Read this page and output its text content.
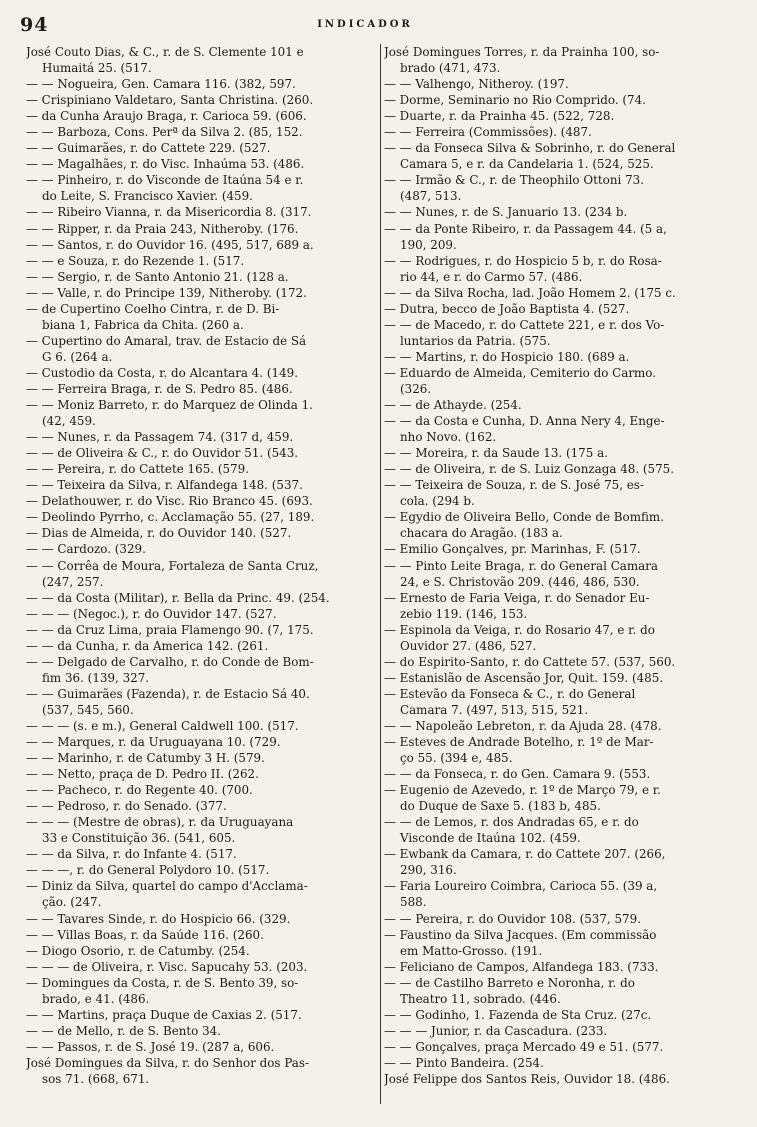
94	INDICADOR
José Couto Dias, & C., r. de S. Clemente 101 e
Humaitá 25. (517.
— — Nogueira, Gen. Camara 116. (382, 597.
— Crispiniano Valdetaro, Santa Christina. (260.
— da Cunha Araujo Braga, r. Carioca 59. (606.
— — Barboza, Cons. Perª da Silva 2. (85, 152.
— — Guimarães, r. do Cattete 229. (527.
— — Magalhães, r. do Visc. Inhaúma 53. (486.
— — Pinheiro, r. do Visconde de Itaúna 54 e r.
do Leite, S. Francisco Xavier. (459.
— — Ribeiro Vianna, r. da Misericordia 8. (317.
— — Ripper, r. da Praia 243, Nitheroby. (176.
— — Santos, r. do Ouvidor 16. (495, 517, 689 a.
— — e Souza, r. do Rezende 1. (517.
— — Sergio, r. de Santo Antonio 21. (128 a.
— — Valle, r. do Principe 139, Nitheroby. (172.
— de Cupertino Coelho Cintra, r. de D. Bi-
biana 1, Fabrica da Chita. (260 a.
— Cupertino do Amaral, trav. de Estacio de Sá
G 6. (264 a.
— Custodio da Costa, r. do Alcantara 4. (149.
— — Ferreira Braga, r. de S. Pedro 85. (486.
— — Moniz Barreto, r. do Marquez de Olinda 1.
(42, 459.
— — Nunes, r. da Passagem 74. (317 d, 459.
— — de Oliveira & C., r. do Ouvidor 51. (543.
— — Pereira, r. do Cattete 165. (579.
— — Teixeira da Silva, r. Alfandega 148. (537.
— Delathouwer, r. do Visc. Rio Branco 45. (693.
— Deolindo Pyrrho, c. Acclamação 55. (27, 189.
— Dias de Almeida, r. do Ouvidor 140. (527.
— — Cardozo. (329.
— — Corrêa de Moura, Fortaleza de Santa Cruz,
(247, 257.
— — da Costa (Militar), r. Bella da Princ. 49. (254.
— — — (Negoc.), r. do Ouvidor 147. (527.
— — da Cruz Lima, praia Flamengo 90. (7, 175.
— — da Cunha, r. da America 142. (261.
— — Delgado de Carvalho, r. do Conde de Bom-
fim 36. (139, 327.
— — Guimarães (Fazenda), r. de Estacio Sá 40.
(537, 545, 560.
— — — (s. e m.), General Caldwell 100. (517.
— — Marques, r. da Uruguayana 10. (729.
— — Marinho, r. de Catumby 3 H. (579.
— — Netto, praça de D. Pedro II. (262.
— — Pacheco, r. do Regente 40. (700.
— — Pedroso, r. do Senado. (377.
— — — (Mestre de obras), r. da Uruguayana
33 e Constituição 36. (541, 605.
— — da Silva, r. do Infante 4. (517.
— — —, r. do General Polydoro 10. (517.
— Diniz da Silva, quartel do campo d'Acclama-
ção. (247.
— — Tavares Sinde, r. do Hospicio 66. (329.
— — Villas Boas, r. da Saúde 116. (260.
— Diogo Osorio, r. de Catumby. (254.
— — — de Oliveira, r. Visc. Sapucahy 53. (203.
— Domingues da Costa, r. de S. Bento 39, so-
brado, e 41. (486.
— — Martins, praça Duque de Caxias 2. (517.
— — de Mello, r. de S. Bento 34.
— — Passos, r. de S. José 19. (287 a, 606.
José Domingues da Silva, r. do Senhor dos Pas-
sos 71. (668, 671.
José Domingues Torres, r. da Prainha 100, so-
brado (471, 473.
— — Valhengo, Nitheroy. (197.
— Dorme, Seminario no Rio Comprido. (74.
— Duarte, r. da Prainha 45. (522, 728.
— — Ferreira (Commissões). (487.
— — da Fonseca Silva & Sobrinho, r. do General
Camara 5, e r. da Candelaria 1. (524, 525.
— — Irmão & C., r. de Theophilo Ottoni 73.
(487, 513.
— — Nunes, r. de S. Januario 13. (234 b.
— — da Ponte Ribeiro, r. da Passagem 44. (5 a,
190, 209.
— — Rodrigues, r. do Hospicio 5 b, r. do Rosa-
rio 44, e r. do Carmo 57. (486.
— — da Silva Rocha, lad. João Homem 2. (175 c.
— Dutra, becco de João Baptista 4. (527.
— — de Macedo, r. do Cattete 221, e r. dos Vo-
luntarios da Patria. (575.
— — Martins, r. do Hospicio 180. (689 a.
— Eduardo de Almeida, Cemiterio do Carmo.
(326.
— — de Athayde. (254.
— — da Costa e Cunha, D. Anna Nery 4, Enge-
nho Novo. (162.
— — Moreira, r. da Saude 13. (175 a.
— — de Oliveira, r. de S. Luiz Gonzaga 48. (575.
— — Teixeira de Souza, r. de S. José 75, es-
cola. (294 b.
— Egydio de Oliveira Bello, Conde de Bomfim.
chacara do Aragão. (183 a.
— Emilio Gonçalves, pr. Marinhas, F. (517.
— — Pinto Leite Braga, r. do General Camara
24, e S. Christovão 209. (446, 486, 530.
— Ernesto de Faria Veiga, r. do Senador Eu-
zebio 119. (146, 153.
— Espinola da Veiga, r. do Rosario 47, e r. do
Ouvidor 27. (486, 527.
— do Espirito-Santo, r. do Cattete 57. (537, 560.
— Estanislão de Ascensão Jor, Quit. 159. (485.
— Estevão da Fonseca & C., r. do General
Camara 7. (497, 513, 515, 521.
— — Napoleão Lebreton, r. da Ajuda 28. (478.
— Esteves de Andrade Botelho, r. 1º de Mar-
ço 55. (394 e, 485.
— — da Fonseca, r. do Gen. Camara 9. (553.
— Eugenio de Azevedo, r. 1º de Março 79, e r.
do Duque de Saxe 5. (183 b, 485.
— — de Lemos, r. dos Andradas 65, e r. do
Visconde de Itaúna 102. (459.
— Ewbank da Camara, r. do Cattete 207. (266,
290, 316.
— Faria Loureiro Coimbra, Carioca 55. (39 a,
588.
— — Pereira, r. do Ouvidor 108. (537, 579.
— Faustino da Silva Jacques. (Em commissão
em Matto-Grosso. (191.
— Feliciano de Campos, Alfandega 183. (733.
— — de Castilho Barreto e Noronha, r. do
Theatro 11, sobrado. (446.
— — Godinho, 1. Fazenda de Sta Cruz. (27c.
— — — Junior, r. da Cascadura. (233.
— — Gonçalves, praça Mercado 49 e 51. (577.
— — Pinto Bandeira. (254.
José Felippe dos Santos Reis, Ouvidor 18. (486.
